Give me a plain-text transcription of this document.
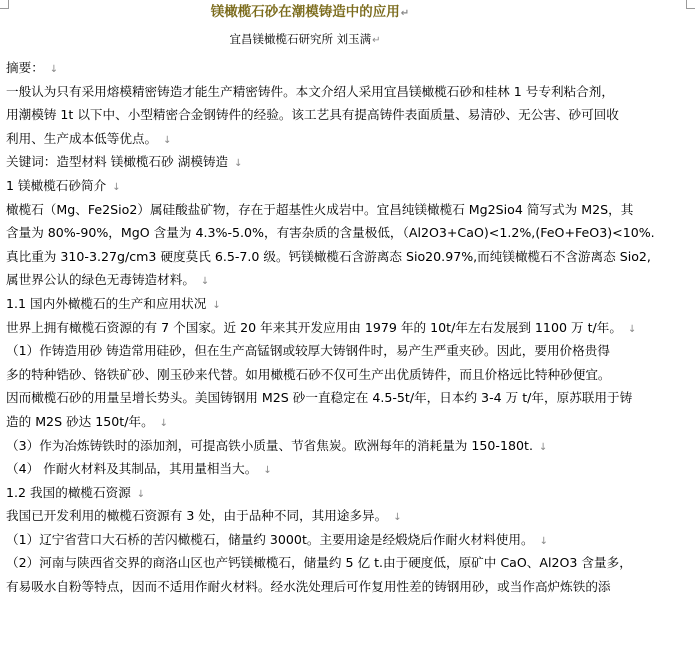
镁橄榄石砂在潮模铸造中的应用↵
宜昌镁橄榄石研究所 刘玉满↵
摘要： ↓
一般认为只有采用熔模精密铸造才能生产精密铸件。本文介绍人采用宜昌镁橄榄石砂和桂林 1 号专利粘合剂，
用潮模铸 1t 以下中、小型精密合金钢铸件的经验。该工艺具有提高铸件表面质量、易清砂、无公害、砂可回收
利用、生产成本低等优点。 ↓
关键词：造型材料 镁橄榄石砂 湖模铸造 ↓
1 镁橄榄石砂简介 ↓
橄榄石（Mg、Fe2Sio2）属硅酸盐矿物，存在于超基性火成岩中。宜昌纯镁橄榄石 Mg2Sio4 简写式为 M2S，其
含量为 80%-90%，MgO 含量为 4.3%-5.0%，有害杂质的含量极低，（Al2O3+CaO)<1.2%,(FeO+FeO3)<10%.
真比重为 310-3.27g/cm3 硬度莫氏 6.5-7.0 级。钙镁橄榄石含游离态 Sio20.97%,而纯镁橄榄石不含游离态 Sio2,
属世界公认的绿色无毒铸造材料。 ↓
1.1 国内外橄榄石的生产和应用状况 ↓
世界上拥有橄榄石资源的有 7 个国家。近 20 年来其开发应用由 1979 年的 10t/年左右发展到 1100 万 t/年。 ↓
（1）作铸造用砂 铸造常用硅砂，但在生产高锰钢或较厚大铸钢件时，易产生严重夹砂。因此，要用价格贵得
多的特种锆砂、铬铁矿砂、刚玉砂来代替。如用橄榄石砂不仅可生产出优质铸件，而且价格远比特种砂便宜。
因而橄榄石砂的用量呈增长势头。美国铸钢用 M2S 砂一直稳定在 4.5-5t/年，日本约 3-4 万 t/年，原苏联用于铸
造的 M2S 砂达 150t/年。 ↓
（3）作为冶炼铸铁时的添加剂，可提高铁小质量、节省焦炭。欧洲每年的消耗量为 150-180t. ↓
（4） 作耐火材料及其制品，其用量相当大。 ↓
1.2 我国的橄榄石资源 ↓
我国已开发利用的橄榄石资源有 3 处，由于品种不同，其用途多异。 ↓
（1）辽宁省营口大石桥的苦闪橄榄石，储量约 3000t。主要用途是经煅烧后作耐火材料使用。 ↓
（2）河南与陕西省交界的商洛山区也产钙镁橄榄石，储量约 5 亿 t.由于硬度低，原矿中 CaO、Al2O3 含量多，
有易吸水自粉等特点，因而不适用作耐火材料。经水洗处理后可作复用性差的铸钢用砂，或当作高炉炼铁的添
